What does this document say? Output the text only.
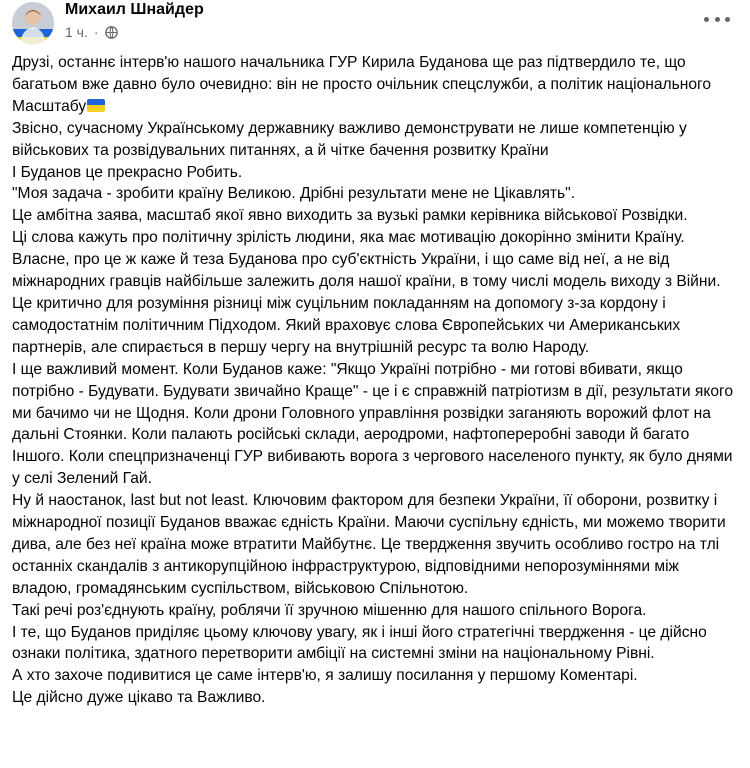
Михаил Шнайдер
1 ч. ·

Друзі, останнє інтерв'ю нашого начальника ГУР Кирила Буданова ще раз підтвердило те, що багатьом вже давно було очевидно: він не просто очільник спецслужби, а політик національного Масштабу

Звісно, сучасному Українському державнику важливо демонструвати не лише компетенцію у військових та розвідувальних питаннях, а й чітке бачення розвитку Країни

І Буданов це прекрасно Робить.

"Моя задача - зробити країну Великою. Дрібні результати мене не Цікавлять".

Це амбітна заява, масштаб якої явно виходить за вузькі рамки керівника військової Розвідки.

Ці слова кажуть про політичну зрілість людини, яка має мотивацію докорінно змінити Країну.

Власне, про це ж каже й теза Буданова про суб'єктність України, і що саме від неї, а не від міжнародних гравців найбільше залежить доля нашої країни, в тому числі модель виходу з Війни.

Це критично для розуміння різниці між суцільним покладанням на допомогу з-за кордону і самодостатнім політичним Підходом. Який враховує слова Європейських чи Американських партнерів, але спирається в першу чергу на внутрішній ресурс та волю Народу.

І ще важливий момент. Коли Буданов каже: "Якщо Україні потрібно - ми готові вбивати, якщо потрібно - Будувати. Будувати звичайно Краще" - це і є справжній патріотизм в дії, результати якого ми бачимо чи не Щодня. Коли дрони Головного управління розвідки заганяють ворожий флот на дальні Стоянки. Коли палають російські склади, аеродроми, нафтопереробні заводи й багато Іншого. Коли спецпризначенці ГУР вибивають ворога з чергового населеного пункту, як було днями у селі Зелений Гай.

Ну й наостанок, last but not least. Ключовим фактором для безпеки України, її оборони, розвитку і міжнародної позиції Буданов вважає єдність Країни. Маючи суспільну єдність, ми можемо творити дива, але без неї країна може втратити Майбутнє. Це твердження звучить особливо гостро на тлі останніх скандалів з антикорупційною інфраструктурою, відповідними непорозуміннями між владою, громадянським суспільством, військовою Спільнотою.

Такі речі роз'єднують країну, роблячи її зручною мішенню для нашого спільного Ворога.

І те, що Буданов приділяє цьому ключову увагу, як і інші його стратегічні твердження - це дійсно ознаки політика, здатного перетворити амбіції на системні зміни на національному Рівні.

А хто захоче подивитися це саме інтерв'ю, я залишу посилання у першому Коментарі.

Це дійсно дуже цікаво та Важливо.
